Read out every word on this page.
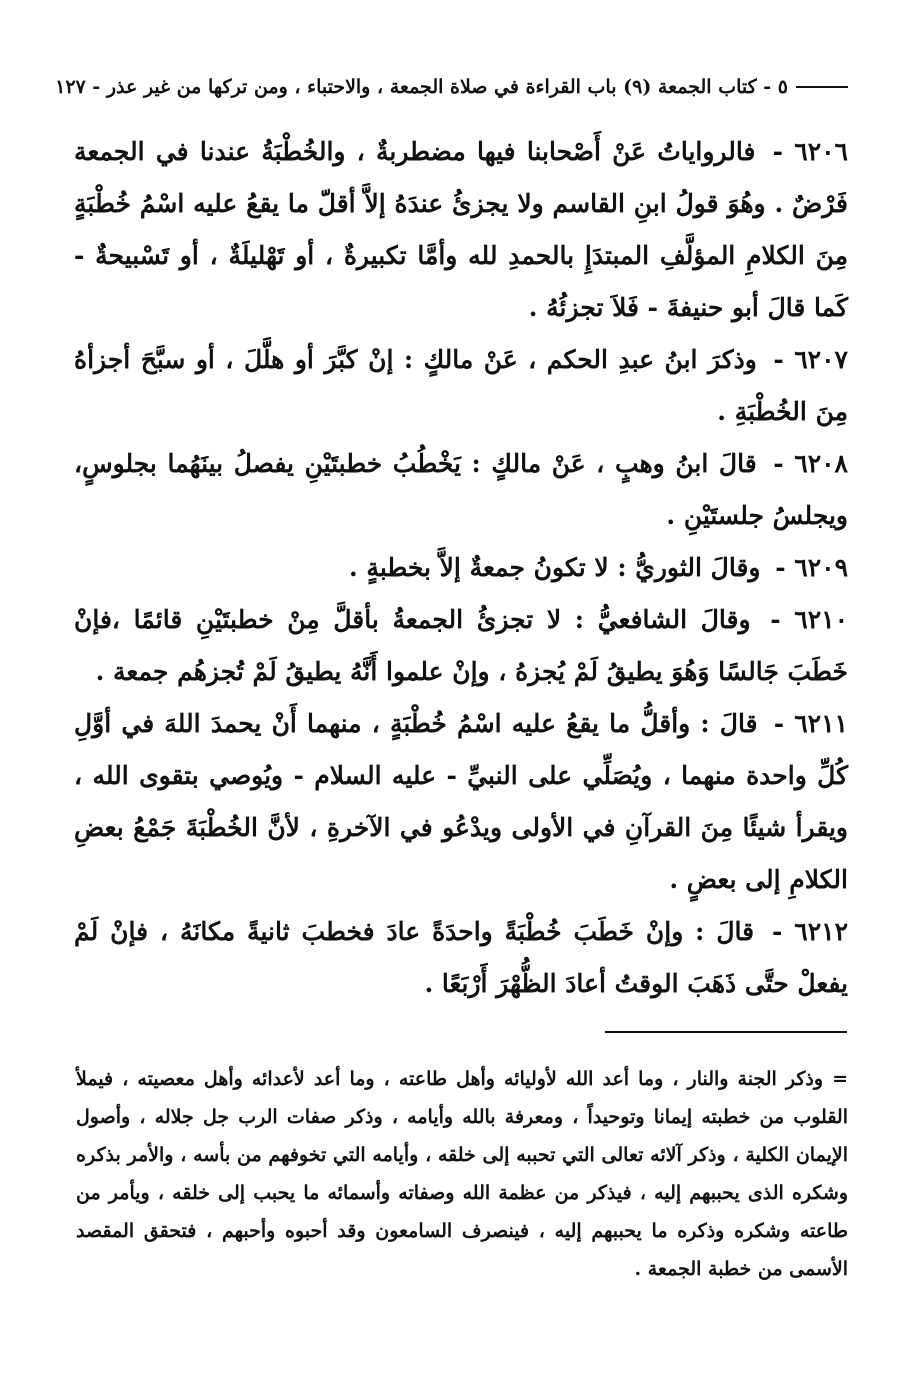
٥ - كتاب الجمعة (٩) باب القراءة في صلاة الجمعة ، والاحتباء ، ومن تركها من غير عذر - ١٢٧

٦٢٠٦ - فالرواياتُ عَنْ أَصْحابنا فيها مضطربةٌ ، والخُطْبَةُ عندنا في الجمعة فَرْضٌ . وهُوَ قولُ ابنِ القاسم ولا يجزئُ عندَهُ إلاَّ أقلّ ما يقعُ عليه اسْمُ خُطْبَةٍ مِنَ الكلامِ المؤلَّفِ المبتدَإِ بالحمدِ لله وأمَّا تكبيرةٌ ، أو تَهْليلَةٌ ، أو تَسْبيحةٌ - كَما قالَ أبو حنيفةَ - فَلاَ تجزئُهُ .

٦٢٠٧ - وذكرَ ابنُ عبدِ الحكم ، عَنْ مالكٍ : إنْ كبَّرَ أو هلَّلَ ، أو سبَّحَ أجزأهُ مِنَ الخُطْبَةِ .

٦٢٠٨ - قالَ ابنُ وهبٍ ، عَنْ مالكٍ : يَخْطُبُ خطبتَيْنِ يفصلُ بينَهُما بجلوسٍ، ويجلسُ جلستَيْنِ .

٦٢٠٩ - وقالَ الثوريُّ : لا تكونُ جمعةٌ إلاَّ بخطبةٍ .

٦٢١٠ - وقالَ الشافعيُّ : لا تجزئُ الجمعةُ بأقلَّ مِنْ خطبتَيْنِ قائمًا ،فإنْ خَطَبَ جَالسًا وَهُوَ يطيقُ لَمْ يُجزهُ ، وإنْ علموا أَنَّهُ يطيقُ لَمْ تُجزهُم جمعة .

٦٢١١ - قالَ : وأقلُّ ما يقعُ عليه اسْمُ خُطْبَةٍ ، منهما أَنْ يحمدَ اللهَ في أوَّلِ كُلِّ واحدة منهما ، ويُصَلِّي على النبيِّ - عليه السلام - ويُوصي بتقوى الله ، ويقرأ شيئًا مِنَ القرآنِ في الأولى ويدْعُو في الآخرةِ ، لأنَّ الخُطْبَةَ جَمْعُ بعضِ الكلامِ إلى بعضٍ .

٦٢١٢ - قالَ : وإنْ خَطَبَ خُطْبَةً واحدَةً عادَ فخطبَ ثانيةً مكانَهُ ، فإنْ لَمْ يفعلْ حتَّى ذَهَبَ الوقتُ أعادَ الظُّهْرَ أَرْبَعًا .

= وذكر الجنة والنار ، وما أعد الله لأوليائه وأهل طاعته ، وما أعد لأعدائه وأهل معصيته ، فيملأ القلوب من خطبته إيمانا وتوحيداً ، ومعرفة بالله وأيامه ، وذكر صفات الرب جل جلاله ، وأصول الإيمان الكلية ، وذكر آلائه تعالى التي تحببه إلى خلقه ، وأيامه التي تخوفهم من بأسه ، والأمر بذكره وشكره الذى يحببهم إليه ، فيذكر من عظمة الله وصفاته وأسمائه ما يحبب إلى خلقه ، ويأمر من طاعته وشكره وذكره ما يحببهم إليه ، فينصرف السامعون وقد أحبوه وأحبهم ، فتحقق المقصد الأسمى من خطبة الجمعة .
